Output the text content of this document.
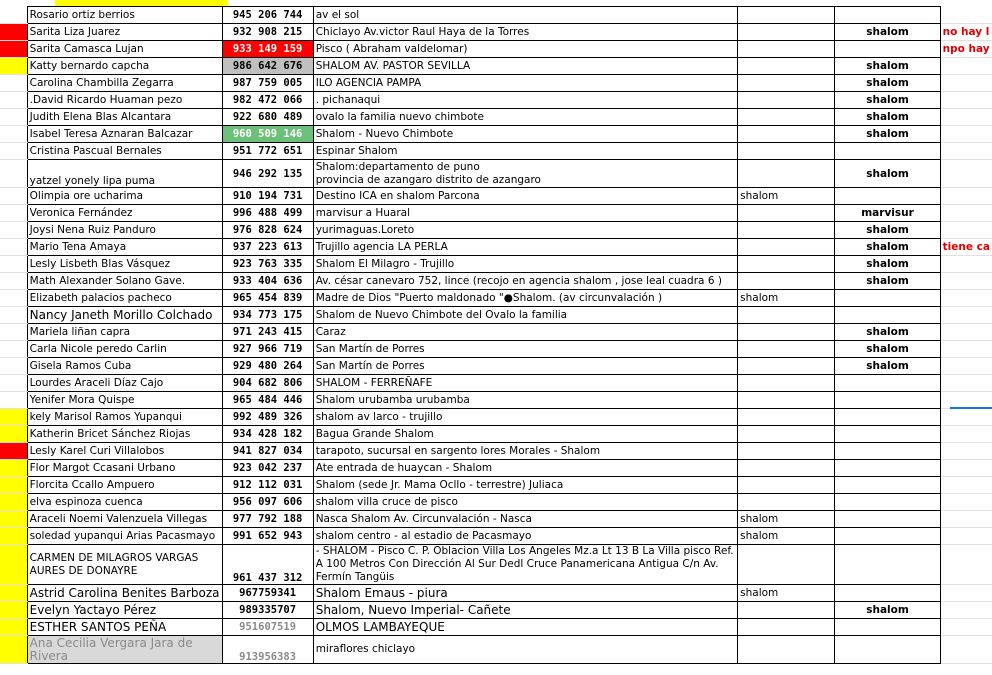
	Rosario ortiz berrios	945 206 744	av el sol			
	Sarita Liza Juarez	932 908 215	Chiclayo Av.victor Raul Haya de la Torres		shalom	no hay l
	Sarita Camasca Lujan	933 149 159	Pisco ( Abraham valdelomar)			npo hay
	Katty bernardo capcha	986 642 676	SHALOM AV. PASTOR SEVILLA		shalom	
	Carolina Chambilla Zegarra	987 759 005	ILO AGENCIA PAMPA		shalom	
	.David Ricardo Huaman pezo	982 472 066	. pichanaqui		shalom	
	Judith Elena Blas Alcantara	922 680 489	ovalo la familia nuevo chimbote		shalom	
	Isabel Teresa Aznaran Balcazar	960 509 146	Shalom - Nuevo Chimbote		shalom	
	Cristina Pascual Bernales	951 772 651	Espinar Shalom			
	yatzel yonely lipa puma	946 292 135	Shalom:departamento de puno
provincia de azangaro distrito de azangaro		shalom	
	Olimpia ore ucharima	910 194 731	Destino ICA en shalom Parcona	shalom		
	Veronica Fernández	996 488 499	marvisur a Huaral		marvisur	
	Joysi Nena Ruiz Panduro	976 828 624	yurimaguas.Loreto		shalom	
	Mario Tena Amaya	937 223 613	Trujillo agencia LA PERLA		shalom	tiene ca
	Lesly Lisbeth Blas Vásquez	923 763 335	Shalom El Milagro - Trujillo		shalom	
	Math Alexander Solano Gave.	933 404 636	Av. césar canevaro 752, lince (recojo en agencia shalom , jose leal cuadra 6 )		shalom	
	Elizabeth palacios pacheco	965 454 839	Madre de Dios "Puerto maldonado "●Shalom. (av circunvalación )	shalom		
	Nancy Janeth Morillo Colchado	934 773 175	Shalom de Nuevo Chimbote del Ovalo la familia			
	Mariela liñan capra	971 243 415	Caraz		shalom	
	Carla Nicole peredo Carlin	927 966 719	San Martín de Porres		shalom	
	Gisela Ramos Cuba	929 480 264	San Martín de Porres		shalom	
	Lourdes Araceli Díaz Cajo	904 682 806	SHALOM - FERREÑAFE			
	Yenifer Mora Quispe	965 484 446	Shalom urubamba urubamba			
	kely Marisol Ramos Yupanqui	992 489 326	shalom av larco - trujillo			
	Katherin Bricet Sánchez Riojas	934 428 182	Bagua Grande Shalom			
	Lesly Karel Curi Villalobos	941 827 034	tarapoto, sucursal en sargento lores Morales - Shalom			
	Flor Margot Ccasani Urbano	923 042 237	Ate entrada de huaycan - Shalom			
	Florcita Ccallo Ampuero	912 112 031	Shalom (sede Jr. Mama Ocllo - terrestre) Juliaca			
	elva espinoza cuenca	956 097 606	shalom villa cruce de pisco			
	Araceli Noemi Valenzuela Villegas	977 792 188	Nasca Shalom Av. Circunvalación - Nasca	shalom		
	soledad yupanqui Arias Pacasmayo	991 652 943	shalom centro - al estadio de Pacasmayo	shalom		
	CARMEN DE MILAGROS VARGAS AURES DE DONAYRE	961 437 312	- SHALOM - Pisco C. P. Oblacion Villa Los Angeles Mz.a Lt 13 B La Villa pisco Ref. A 100 Metros Con Dirección Al Sur Dedl Cruce Panamericana Antigua C/n Av. Fermín Tangüis			
	Astrid Carolina Benites Barboza	967759341	Shalom Emaus - piura	shalom		
	Evelyn Yactayo Pérez	989335707	Shalom, Nuevo Imperial- Cañete		shalom	
	ESTHER SANTOS PEÑA	951607519	OLMOS LAMBAYEQUE			
	Ana Cecilia Vergara Jara de Rivera	913956383	miraflores chiclayo			
